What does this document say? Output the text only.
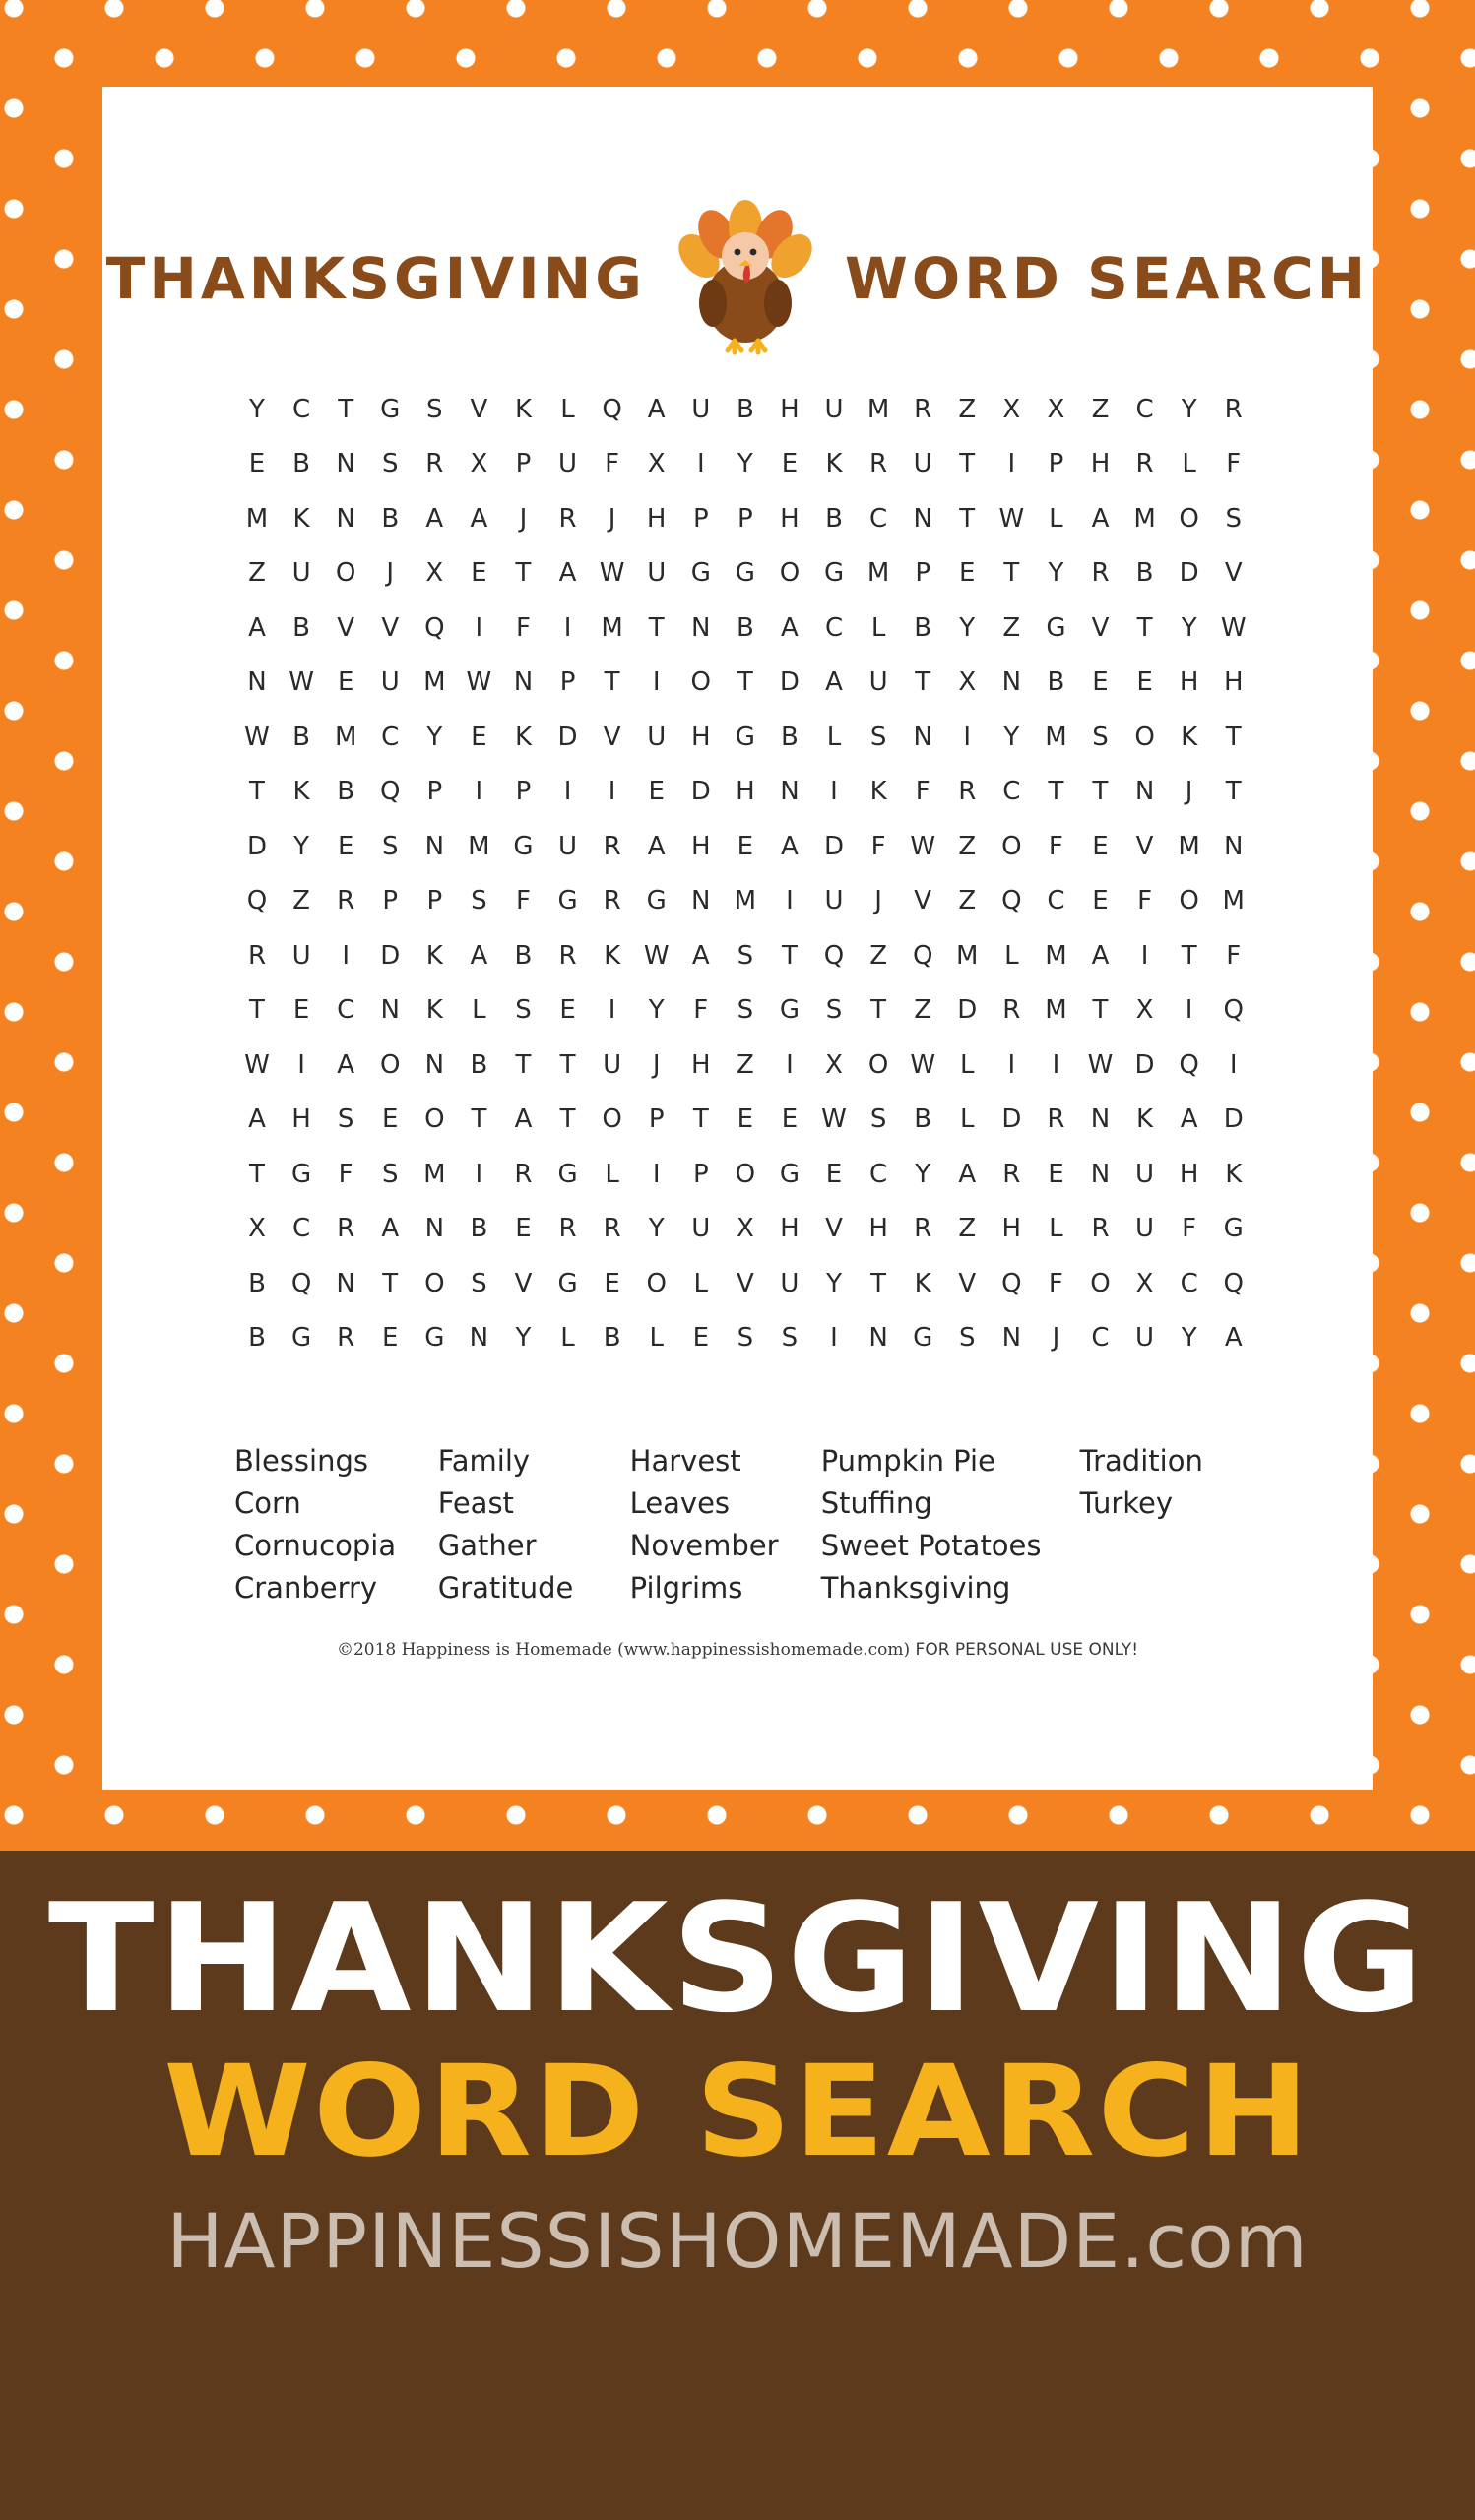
THANKSGIVING	WORD SEARCH
Y	C	T	G	S	V	K	L	Q A	U	B	H U M R	Z	X	X	Z	C	Y	R
E	B	N	S	R	X	P	U	F	X	I	Y	E	K	R	U	T	I	P	H	R	L	F
M K	N	B	A	A	J	R	J	H	P	P	H	B	C	N	T W L	A M O	S
Z	U O	J	X	E	T	A W U G G O G M	P	E	T	Y	R	B	D	V
A	B	V	V Q	I	F	I	M T	N	B	A	C	L	B	Y	Z	G	V	T	Y W
N W E	U M W N	P	T	I	O	T	D	A	U	T	X	N	B	E	E	H H
W B M C	Y	E	K	D	V	U H G	B	L	S	N	I	Y M S	O	K	T
T	K	B Q	P	I	P	I	I	E	D H N	I	K	F	R	C	T	T	N	J	T
D	Y	E	S	N M G U	R	A	H	E	A	D	F W Z O	F	E	V M N
Q Z	R	P	P	S	F	G R G N M	I	U	J	V	Z Q C	E	F	O M
R	U	I	D	K	A	B	R	K W A	S	T	Q Z Q M	L	M A	I	T	F
T	E	C	N	K	L	S	E	I	Y	F	S	G	S	T	Z	D	R M T	X	I	Q
W	I	A O N	B	T	T	U	J	H	Z	I	X O W L	I	I	W D Q	I
A	H	S	E	O	T	A	T	O	P	T	E	E W S	B	L	D	R	N	K	A	D
T	G	F	S M	I	R G	L	I	P	O G	E	C	Y	A	R	E	N U H	K
X	C	R	A	N	B	E	R	R	Y	U	X	H	V	H	R	Z	H	L	R	U	F	G
B Q N	T	O	S	V	G	E	O	L	V	U	Y	T	K	V Q	F	O X	C Q
B	G R	E	G N	Y	L	B	L	E	S	S	I	N G	S	N	J	C	U	Y	A
Blessings
Corn
Cornucopia
Cranberry
Family
Feast
Gather
Gratitude
Harvest
Leaves
November
Pilgrims
Pumpkin Pie
Stuffing
Sweet Potatoes
Thanksgiving
Tradition
Turkey
©2018 Happiness is Homemade (www.happinessishomemade.com) FOR PERSONAL USE ONLY!
THANKSGIVING
WORD SEARCH
HAPPINESSISHOMEMADE.com
